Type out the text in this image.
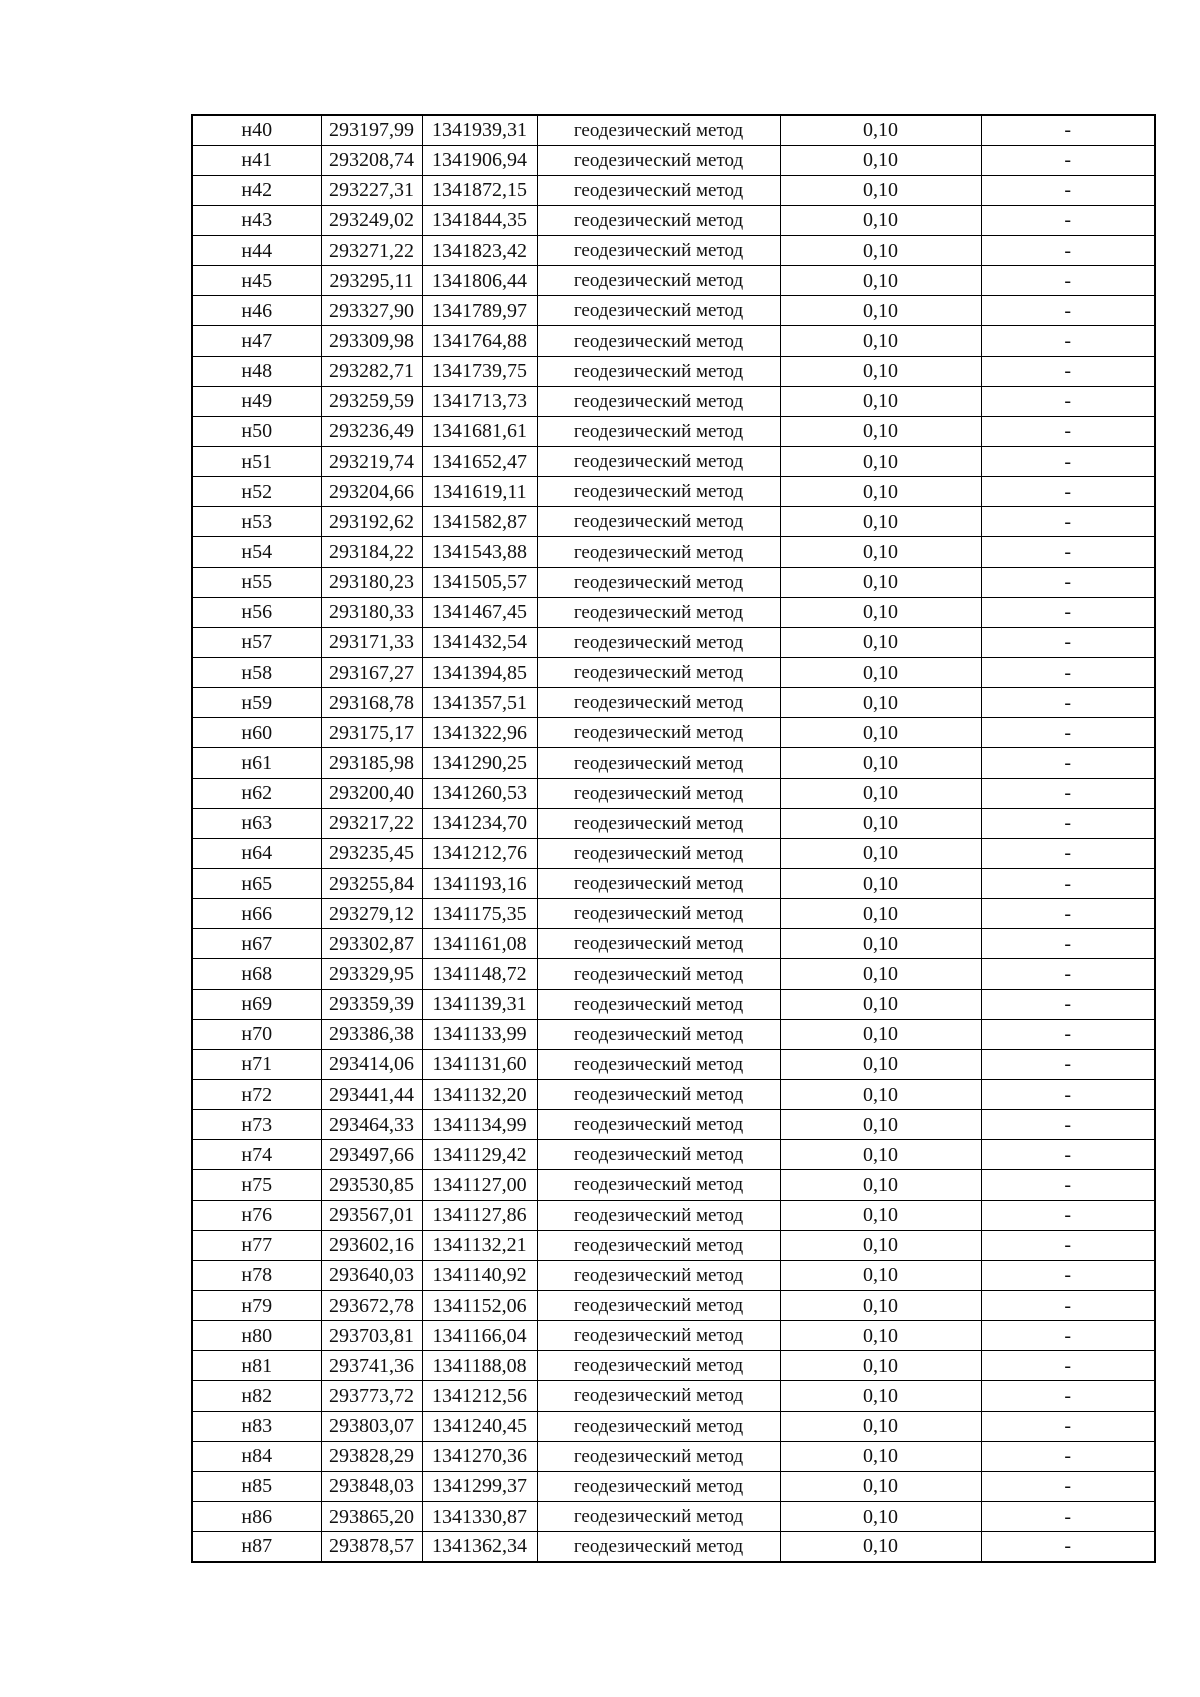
н40	293197,99	1341939,31	геодезический метод	0,10	-
н41	293208,74	1341906,94	геодезический метод	0,10	-
н42	293227,31	1341872,15	геодезический метод	0,10	-
н43	293249,02	1341844,35	геодезический метод	0,10	-
н44	293271,22	1341823,42	геодезический метод	0,10	-
н45	293295,11	1341806,44	геодезический метод	0,10	-
н46	293327,90	1341789,97	геодезический метод	0,10	-
н47	293309,98	1341764,88	геодезический метод	0,10	-
н48	293282,71	1341739,75	геодезический метод	0,10	-
н49	293259,59	1341713,73	геодезический метод	0,10	-
н50	293236,49	1341681,61	геодезический метод	0,10	-
н51	293219,74	1341652,47	геодезический метод	0,10	-
н52	293204,66	1341619,11	геодезический метод	0,10	-
н53	293192,62	1341582,87	геодезический метод	0,10	-
н54	293184,22	1341543,88	геодезический метод	0,10	-
н55	293180,23	1341505,57	геодезический метод	0,10	-
н56	293180,33	1341467,45	геодезический метод	0,10	-
н57	293171,33	1341432,54	геодезический метод	0,10	-
н58	293167,27	1341394,85	геодезический метод	0,10	-
н59	293168,78	1341357,51	геодезический метод	0,10	-
н60	293175,17	1341322,96	геодезический метод	0,10	-
н61	293185,98	1341290,25	геодезический метод	0,10	-
н62	293200,40	1341260,53	геодезический метод	0,10	-
н63	293217,22	1341234,70	геодезический метод	0,10	-
н64	293235,45	1341212,76	геодезический метод	0,10	-
н65	293255,84	1341193,16	геодезический метод	0,10	-
н66	293279,12	1341175,35	геодезический метод	0,10	-
н67	293302,87	1341161,08	геодезический метод	0,10	-
н68	293329,95	1341148,72	геодезический метод	0,10	-
н69	293359,39	1341139,31	геодезический метод	0,10	-
н70	293386,38	1341133,99	геодезический метод	0,10	-
н71	293414,06	1341131,60	геодезический метод	0,10	-
н72	293441,44	1341132,20	геодезический метод	0,10	-
н73	293464,33	1341134,99	геодезический метод	0,10	-
н74	293497,66	1341129,42	геодезический метод	0,10	-
н75	293530,85	1341127,00	геодезический метод	0,10	-
н76	293567,01	1341127,86	геодезический метод	0,10	-
н77	293602,16	1341132,21	геодезический метод	0,10	-
н78	293640,03	1341140,92	геодезический метод	0,10	-
н79	293672,78	1341152,06	геодезический метод	0,10	-
н80	293703,81	1341166,04	геодезический метод	0,10	-
н81	293741,36	1341188,08	геодезический метод	0,10	-
н82	293773,72	1341212,56	геодезический метод	0,10	-
н83	293803,07	1341240,45	геодезический метод	0,10	-
н84	293828,29	1341270,36	геодезический метод	0,10	-
н85	293848,03	1341299,37	геодезический метод	0,10	-
н86	293865,20	1341330,87	геодезический метод	0,10	-
н87	293878,57	1341362,34	геодезический метод	0,10	-
